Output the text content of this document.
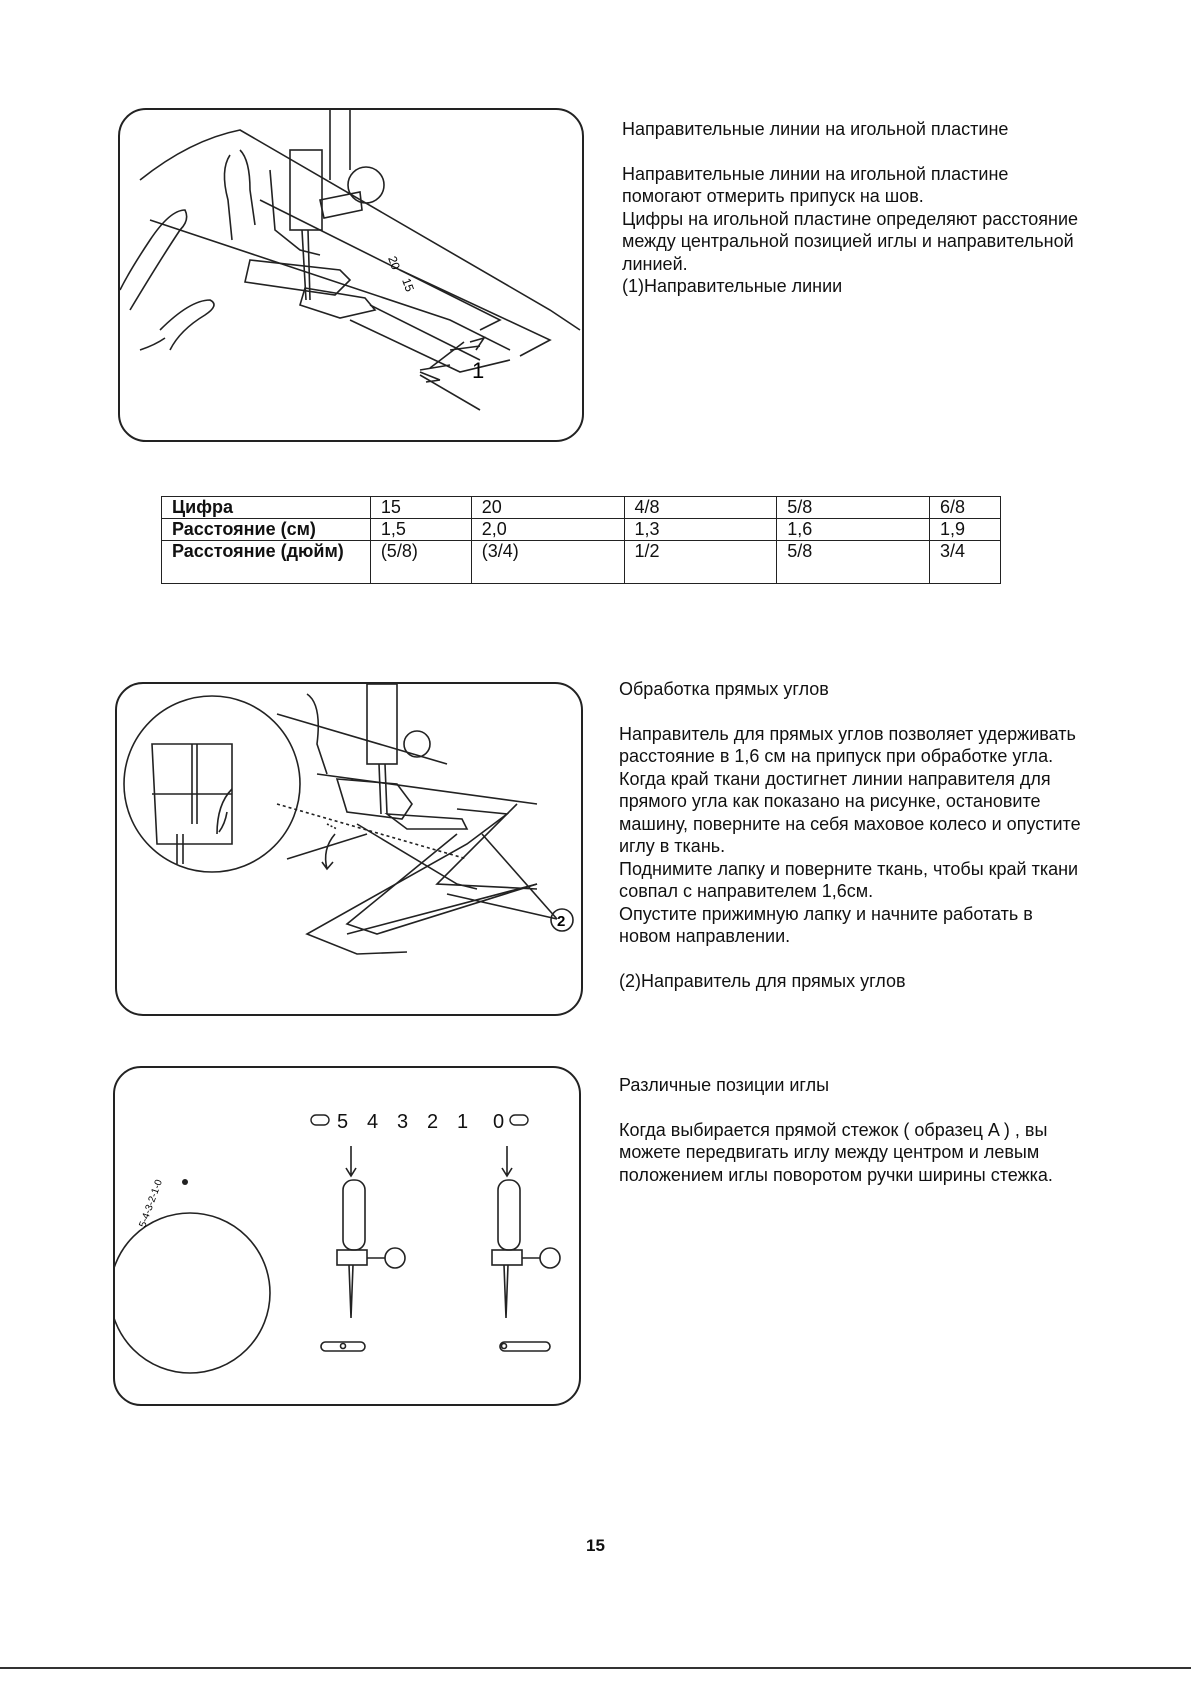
20
15
1

Направительные линии на игольной пластине

Направительные линии на игольной пластине помогают отмерить припуск на шов.

Цифры на игольной пластине определяют расстояние между центральной позицией иглы и направительной линией.

(1)Направительные линии

Цифра	15	20	4/8	5/8	6/8
Расстояние (см)	1,5	2,0	1,3	1,6	1,9
Расстояние (дюйм)	(5/8)	(3/4)	1/2	5/8	3/4
2

Обработка прямых углов

Направитель для прямых углов позволяет удерживать расстояние в 1,6 см на припуск при обработке угла.

Когда край ткани достигнет линии направителя для прямого угла как показано на рисунке, остановите машину, поверните на себя маховое колесо и опустите иглу в ткань.

Поднимите лапку и поверните ткань, чтобы край ткани совпал с направителем 1,6см.

Опустите прижимную лапку и начните работать в новом направлении.

(2)Направитель для прямых углов

5-4-3-2-1-0
5 4 3 2 1 0

Различные позиции иглы

Когда выбирается прямой стежок ( образец A ) , вы можете передвигать иглу между центром и левым положением иглы поворотом ручки ширины стежка.

15
